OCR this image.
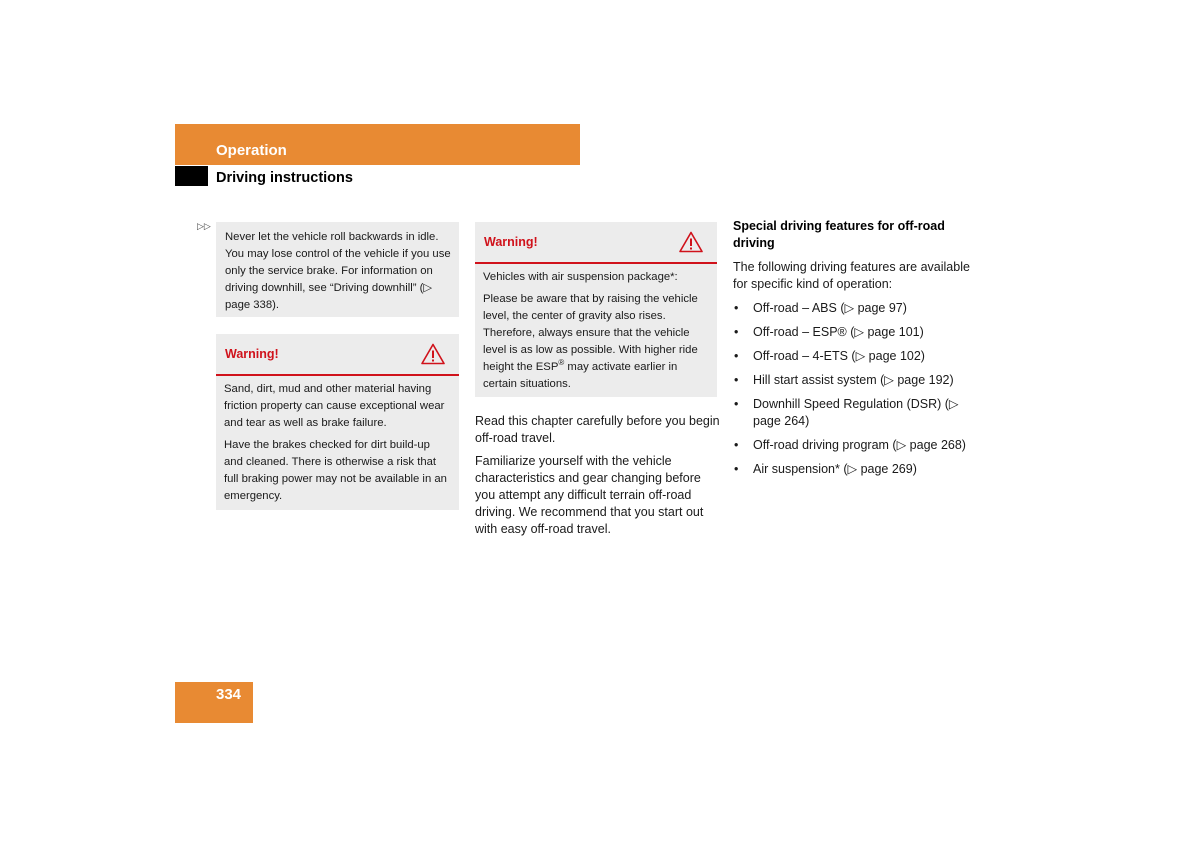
Operation
Driving instructions
▷▷
Never let the vehicle roll backwards in idle. You may lose control of the vehicle if you use only the service brake. For information on driving downhill, see “Driving downhill” (▷ page 338).
Warning!

Sand, dirt, mud and other material having friction property can cause exceptional wear and tear as well as brake failure.

Have the brakes checked for dirt build-up and cleaned. There is otherwise a risk that full braking power may not be available in an emergency.

Warning!

Vehicles with air suspension package*:

Please be aware that by raising the vehicle level, the center of gravity also rises. Therefore, always ensure that the vehicle level is as low as possible. With higher ride height the ESP® may activate earlier in certain situations.

Read this chapter carefully before you begin off-road travel.

Familiarize yourself with the vehicle characteristics and gear changing before you attempt any difficult terrain off-road driving. We recommend that you start out with easy off-road travel.

Special driving features for off-road driving
The following driving features are available for specific kind of operation:
• Off-road – ABS (▷ page 97)
• Off-road – ESP® (▷ page 101)
• Off-road – 4-ETS (▷ page 102)
• Hill start assist system (▷ page 192)
• Downhill Speed Regulation (DSR) (▷ page 264)
• Off-road driving program (▷ page 268)
• Air suspension* (▷ page 269)
334
